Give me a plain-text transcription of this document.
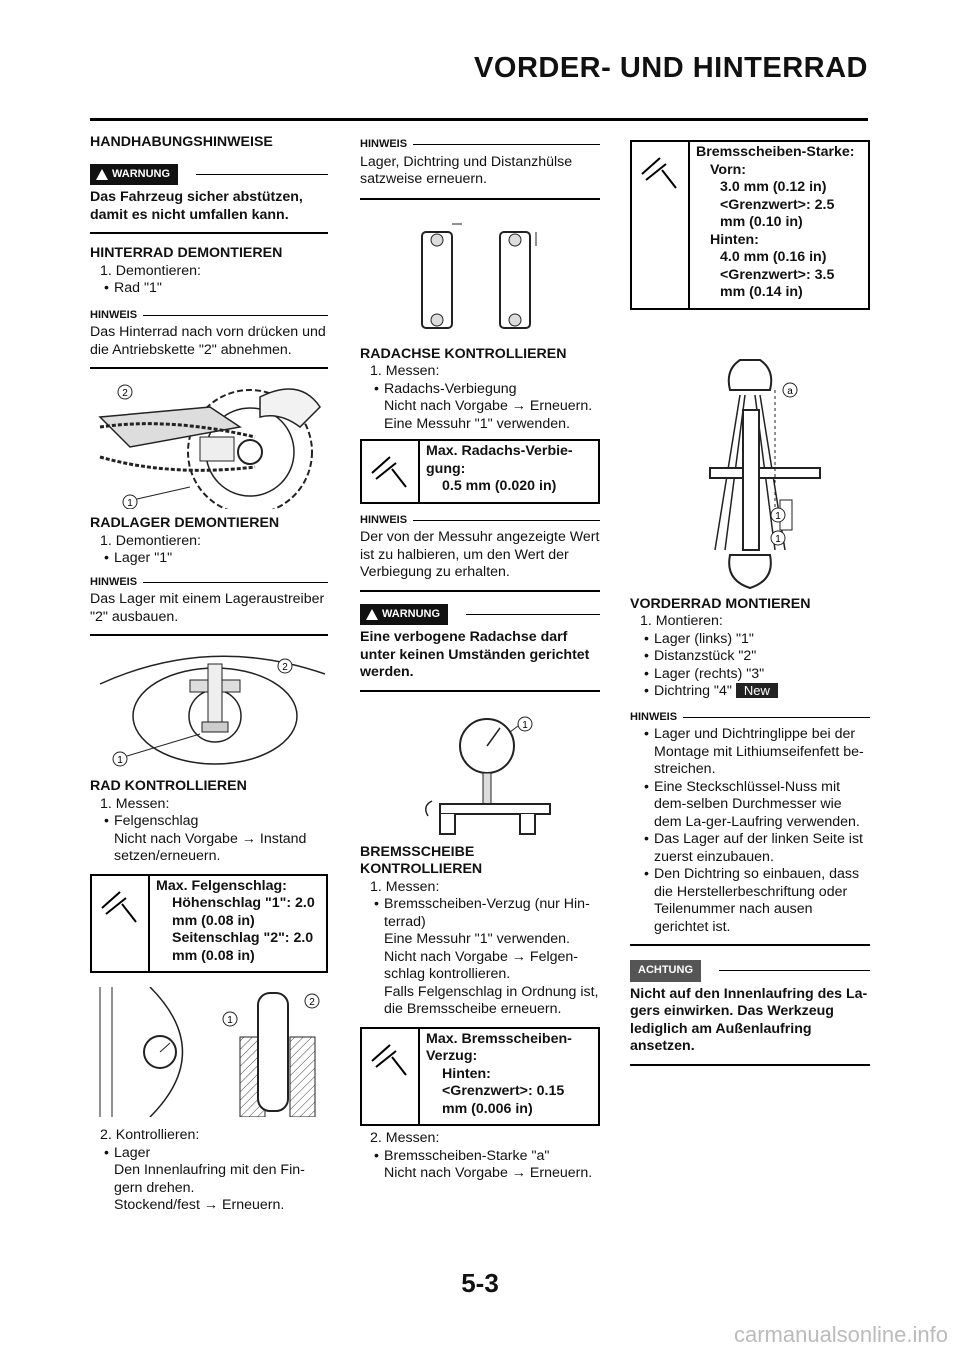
VORDER- UND HINTERRAD

HANDHABUNGSHINWEISE

WARNUNG

Das Fahrzeug sicher abstützen, damit es nicht umfallen kann.

HINTERRAD DEMONTIEREN

1. Demontieren:

• Rad "1"

HINWEIS

Das Hinterrad nach vorn drücken und die Antriebskette "2" abnehmen.

2
1

RADLAGER DEMONTIEREN

1. Demontieren:

• Lager "1"

HINWEIS

Das Lager mit einem Lageraustreiber "2" ausbauen.

2
1

RAD KONTROLLIEREN

1. Messen:

• Felgenschlag

Nicht nach Vorgabe → Instand setzen/erneuern.

Max. Felgenschlag:
Höhenschlag "1": 2.0 mm (0.08 in)
Seitenschlag "2": 2.0 mm (0.08 in)
1
2

2. Kontrollieren:

• Lager

Den Innenlaufring mit den Fin-gern drehen.

Stockend/fest → Erneuern.

HINWEIS

Lager, Dichtring und Distanzhülse satzweise erneuern.

RADACHSE KONTROLLIEREN

1. Messen:

• Radachs-Verbiegung

Nicht nach Vorgabe → Erneuern.

Eine Messuhr "1" verwenden.

Max. Radachs-Verbie-gung:
0.5 mm (0.020 in)
HINWEIS

Der von der Messuhr angezeigte Wert ist zu halbieren, um den Wert der Verbiegung zu erhalten.

WARNUNG

Eine verbogene Radachse darf unter keinen Umständen gerichtet werden.

1

BREMSSCHEIBE KONTROLLIEREN

1. Messen:

• Bremsscheiben-Verzug (nur Hin-terrad)

Eine Messuhr "1" verwenden.

Nicht nach Vorgabe → Felgen-schlag kontrollieren.

Falls Felgenschlag in Ordnung ist, die Bremsscheibe erneuern.

Max. Bremsscheiben-Verzug:
Hinten:
<Grenzwert>: 0.15 mm (0.006 in)

2. Messen:

• Bremsscheiben-Starke "a"

Nicht nach Vorgabe → Erneuern.

Bremsscheiben-Starke:
Vorn:
3.0 mm (0.12 in)
<Grenzwert>: 2.5 mm (0.10 in)
Hinten:
4.0 mm (0.16 in)
<Grenzwert>: 3.5 mm (0.14 in)
a
1
1

VORDERRAD MONTIEREN

1. Montieren:

• Lager (links) "1"

• Distanzstück "2"

• Lager (rechts) "3"

• Dichtring "4" New

HINWEIS

• Lager und Dichtringlippe bei der Montage mit Lithiumseifenfett be-streichen.

• Eine Steckschlüssel-Nuss mit dem-selben Durchmesser wie dem La-ger-Laufring verwenden.

• Das Lager auf der linken Seite ist zuerst einzubauen.

• Den Dichtring so einbauen, dass die Herstellerbeschriftung oder Teilenummer nach ausen gerichtet ist.

ACHTUNG

Nicht auf den Innenlaufring des La-gers einwirken. Das Werkzeug lediglich am Außenlaufring ansetzen.

5-3
carmanualsonline.info
